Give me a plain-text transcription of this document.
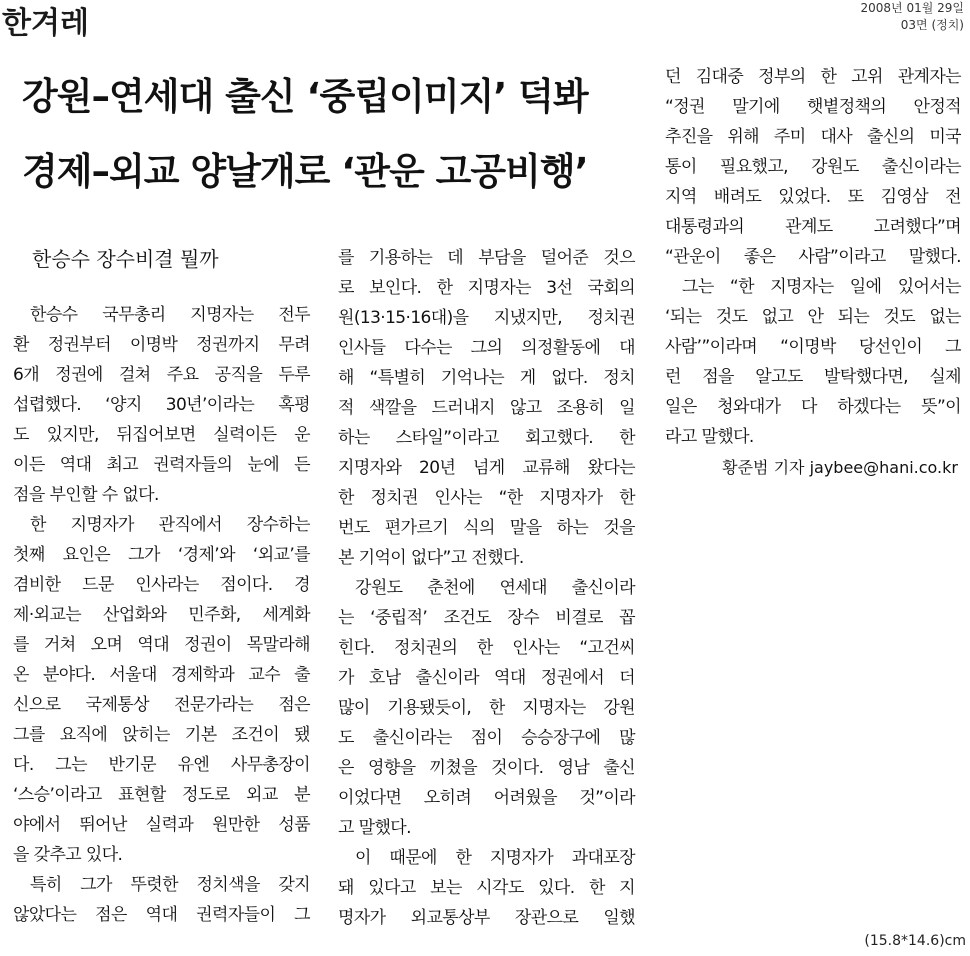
한겨레	2008년 01월 29일
03면 (정치)
강원–연세대 출신 ‘중립이미지’ 덕봐
경제–외교 양날개로 ‘관운 고공비행’
한승수 장수비결 뭘까

한승수 국무총리 지명자는 전두

환 정권부터 이명박 정권까지 무려

6개 정권에 걸쳐 주요 공직을 두루

섭렵했다. ‘양지 30년’이라는 혹평

도 있지만, 뒤집어보면 실력이든 운

이든 역대 최고 권력자들의 눈에 든

점을 부인할 수 없다.

한 지명자가 관직에서 장수하는

첫째 요인은 그가 ‘경제’와 ‘외교’를

겸비한 드문 인사라는 점이다. 경

제·외교는 산업화와 민주화, 세계화

를 거쳐 오며 역대 정권이 목말라해

온 분야다. 서울대 경제학과 교수 출

신으로 국제통상 전문가라는 점은

그를 요직에 앉히는 기본 조건이 됐

다. 그는 반기문 유엔 사무총장이

‘스승’이라고 표현할 정도로 외교 분

야에서 뛰어난 실력과 원만한 성품

을 갖추고 있다.

특히 그가 뚜렷한 정치색을 갖지

않았다는 점은 역대 권력자들이 그

를 기용하는 데 부담을 덜어준 것으

로 보인다. 한 지명자는 3선 국회의

원(13·15·16대)을 지냈지만, 정치권

인사들 다수는 그의 의정활동에 대

해 “특별히 기억나는 게 없다. 정치

적 색깔을 드러내지 않고 조용히 일

하는 스타일”이라고 회고했다. 한

지명자와 20년 넘게 교류해 왔다는

한 정치권 인사는 “한 지명자가 한

번도 편가르기 식의 말을 하는 것을

본 기억이 없다”고 전했다.

강원도 춘천에 연세대 출신이라

는 ‘중립적’ 조건도 장수 비결로 꼽

힌다. 정치권의 한 인사는 “고건씨

가 호남 출신이라 역대 정권에서 더

많이 기용됐듯이, 한 지명자는 강원

도 출신이라는 점이 승승장구에 많

은 영향을 끼쳤을 것이다. 영남 출신

이었다면 오히려 어려웠을 것”이라

고 말했다.

이 때문에 한 지명자가 과대포장

돼 있다고 보는 시각도 있다. 한 지

명자가 외교통상부 장관으로 일했

던 김대중 정부의 한 고위 관계자는

“정권 말기에 햇볕정책의 안정적

추진을 위해 주미 대사 출신의 미국

통이 필요했고, 강원도 출신이라는

지역 배려도 있었다. 또 김영삼 전

대통령과의 관계도 고려했다”며

“관운이 좋은 사람”이라고 말했다.

그는 “한 지명자는 일에 있어서는

‘되는 것도 없고 안 되는 것도 없는

사람’”이라며 “이명박 당선인이 그

런 점을 알고도 발탁했다면, 실제

일은 청와대가 다 하겠다는 뜻”이

라고 말했다.

황준범 기자 jaybee@hani.co.kr
(15.8*14.6)cm
